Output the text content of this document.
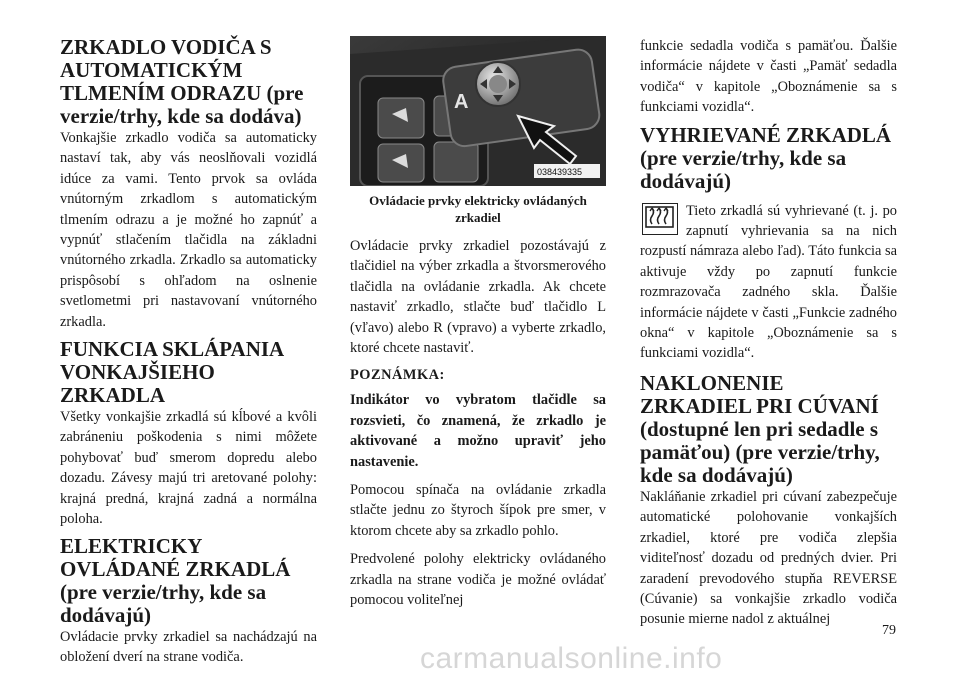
ZRKADLO VODIČA S AUTOMATICKÝM TLMENÍM ODRAZU (pre verzie/trhy, kde sa dodáva)

Vonkajšie zrkadlo vodiča sa automaticky nastaví tak, aby vás neoslňovali vozidlá idúce za vami. Tento prvok sa ovláda vnútorným zrkadlom s automatickým tlmením odrazu a je možné ho zapnúť a vypnúť stlačením tlačidla na základni vnútorného zrkadla. Zrkadlo sa automaticky prispôsobí s ohľadom na oslnenie svetlometmi pri nastavovaní vnútorného zrkadla.

FUNKCIA SKLÁPANIA VONKAJŠIEHO ZRKADLA

Všetky vonkajšie zrkadlá sú kĺbové a kvôli zabráneniu poškodenia s nimi môžete pohybovať buď smerom dopredu alebo dozadu. Závesy majú tri aretované polohy: krajná predná, krajná zadná a normálna poloha.

ELEKTRICKY OVLÁDANÉ ZRKADLÁ (pre verzie/trhy, kde sa dodávajú)

Ovládacie prvky zrkadiel sa nachádzajú na obložení dverí na strane vodiča.

A
038439335
Ovládacie prvky elektricky ovládaných zrkadiel

Ovládacie prvky zrkadiel pozostávajú z tlačidiel na výber zrkadla a štvorsmerového tlačidla na ovládanie zrkadla. Ak chcete nastaviť zrkadlo, stlačte buď tlačidlo L (vľavo) alebo R (vpravo) a vyberte zrkadlo, ktoré chcete nastaviť.

POZNÁMKA:

Indikátor vo vybratom tlačidle sa rozsvieti, čo znamená, že zrkadlo je aktivované a možno upraviť jeho nastavenie.

Pomocou spínača na ovládanie zrkadla stlačte jednu zo štyroch šípok pre smer, v ktorom chcete aby sa zrkadlo pohlo.

Predvolené polohy elektricky ovládaného zrkadla na strane vodiča je možné ovládať pomocou voliteľnej

funkcie sedadla vodiča s pamäťou. Ďalšie informácie nájdete v časti „Pamäť sedadla vodiča“ v kapitole „Oboznámenie sa s funkciami vozidla“.

VYHRIEVANÉ ZRKADLÁ (pre verzie/trhy, kde sa dodávajú)

Tieto zrkadlá sú vyhrievané (t. j. po zapnutí vyhrievania sa na nich rozpustí námraza alebo ľad). Táto funkcia sa aktivuje vždy po zapnutí funkcie rozmrazovača zadného skla. Ďalšie informácie nájdete v časti „Funkcie zadného okna“ v kapitole „Oboznámenie sa s funkciami vozidla“.

NAKLONENIE ZRKADIEL PRI CÚVANÍ (dostupné len pri sedadle s pamäťou) (pre verzie/trhy, kde sa dodávajú)

Nakláňanie zrkadiel pri cúvaní zabezpečuje automatické polohovanie vonkajších zrkadiel, ktoré pre vodiča zlepšia viditeľnosť dozadu od predných dvier. Pri zaradení prevodového stupňa REVERSE (Cúvanie) sa vonkajšie zrkadlo vodiča posunie mierne nadol z aktuálnej

79
carmanualsonline.info
